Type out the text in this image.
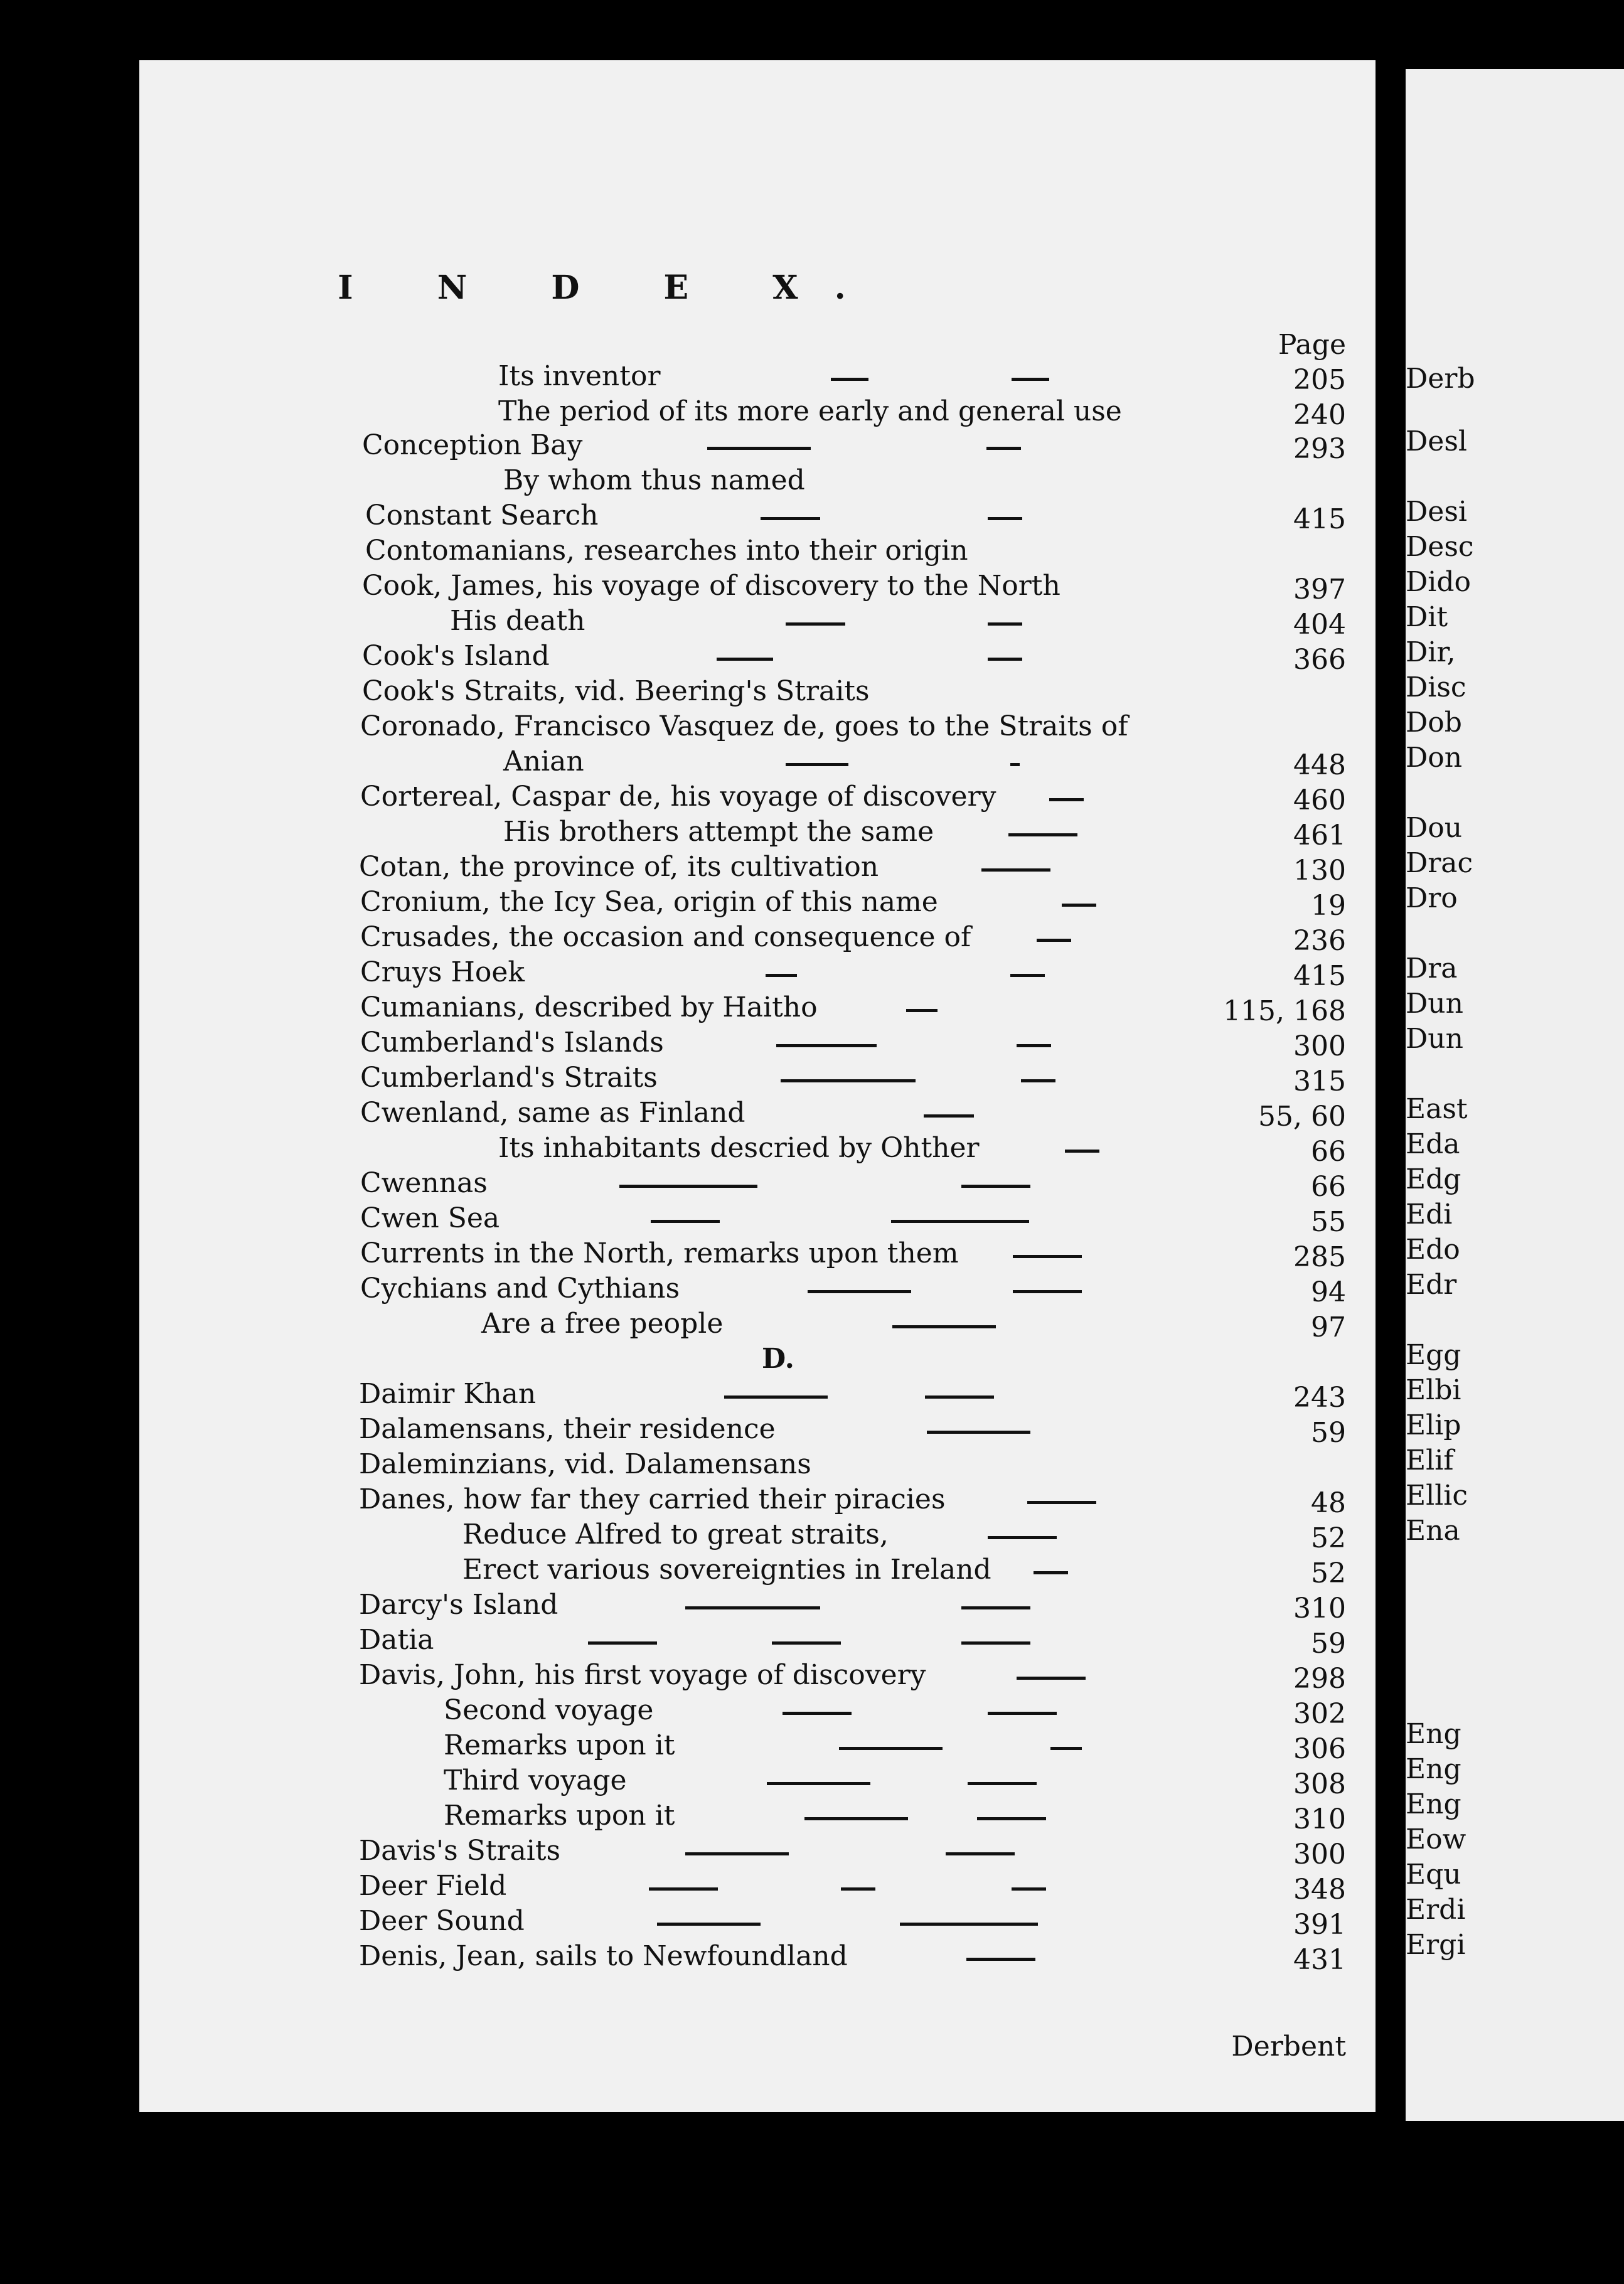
I N D E X.
Page
Its inventor	205
The period of its more early and general use	240
Conception Bay	293
By whom thus named
Constant Search	415
Contomanians, researches into their origin
Cook, James, his voyage of discovery to the North	397
His death	404
Cook's Island	366
Cook's Straits, vid. Beering's Straits
Coronado, Francisco Vasquez de, goes to the Straits of
Anian	448
Cortereal, Caspar de, his voyage of discovery	460
His brothers attempt the same	461
Cotan, the province of, its cultivation	130
Cronium, the Icy Sea, origin of this name	19
Crusades, the occasion and consequence of	236
Cruys Hoek	415
Cumanians, described by Haitho	115, 168
Cumberland's Islands	300
Cumberland's Straits	315
Cwenland, same as Finland	55, 60
Its inhabitants descried by Ohther	66
Cwennas	66
Cwen Sea	55
Currents in the North, remarks upon them	285
Cychians and Cythians	94
Are a free people	97
D.
Daimir Khan	243
Dalamensans, their residence	59
Daleminzians, vid. Dalamensans
Danes, how far they carried their piracies	48
Reduce Alfred to great straits,	52
Erect various sovereignties in Ireland	52
Darcy's Island	310
Datia	59
Davis, John, his first voyage of discovery	298
Second voyage	302
Remarks upon it	306
Third voyage	308
Remarks upon it	310
Davis's Straits	300
Deer Field	348
Deer Sound	391
Denis, Jean, sails to Newfoundland	431
Derbent
Derb
Desl
Desi
Desc
Dido
Dit
Dir,
Disc
Dob
Don
Dou
Drac
Dro
Dra
Dun
Dun
East
Eda
Edg
Edi
Edo
Edr
Egg
Elbi
Elip
Elif
Ellic
Ena
Eng
Eng
Eng
Eow
Equ
Erdi
Ergi
